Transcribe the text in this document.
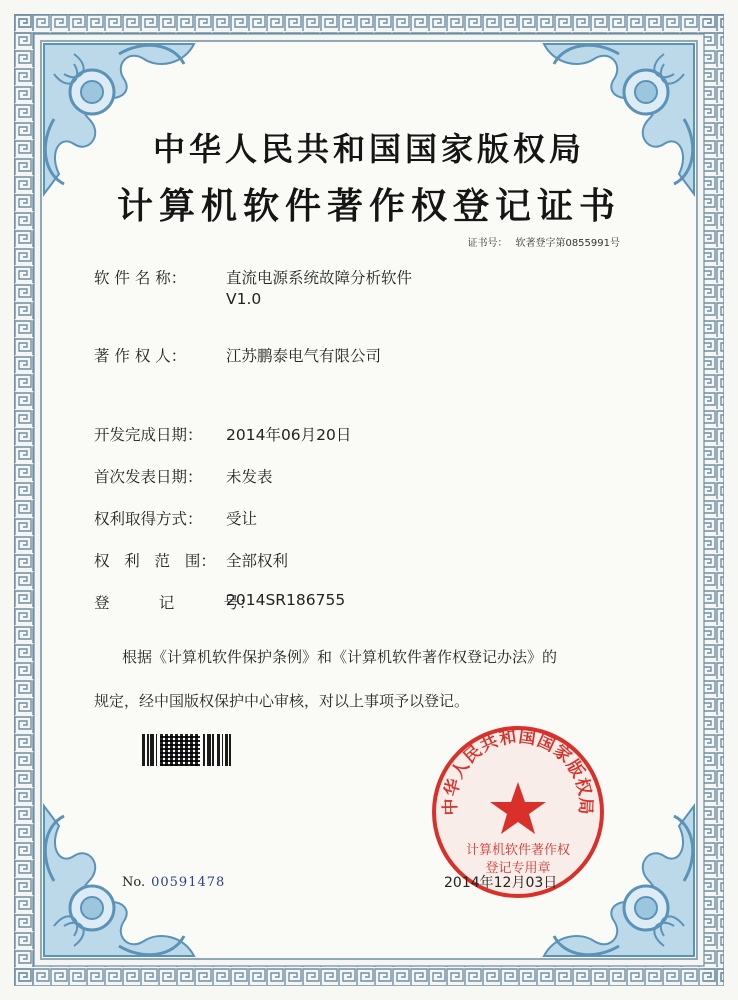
中华人民共和国国家版权局
计算机软件著作权登记证书
证书号： 软著登字第0855991号
软 件 名 称：	直流电源系统故障分析软件
V1.0
著 作 权 人：	江苏鹏泰电气有限公司
开发完成日期： 2014年06月20日
首次发表日期： 未发表
权利取得方式： 受让
权   利   范   围： 全部权利
登          记          号：2014SR186755
根据《计算机软件保护条例》和《计算机软件著作权登记办法》的
规定，经中国版权保护中心审核，对以上事项予以登记。
中华人民共和国国家版权局
计算机软件著作权
登记专用章
No. 00591478	2014年12月03日
